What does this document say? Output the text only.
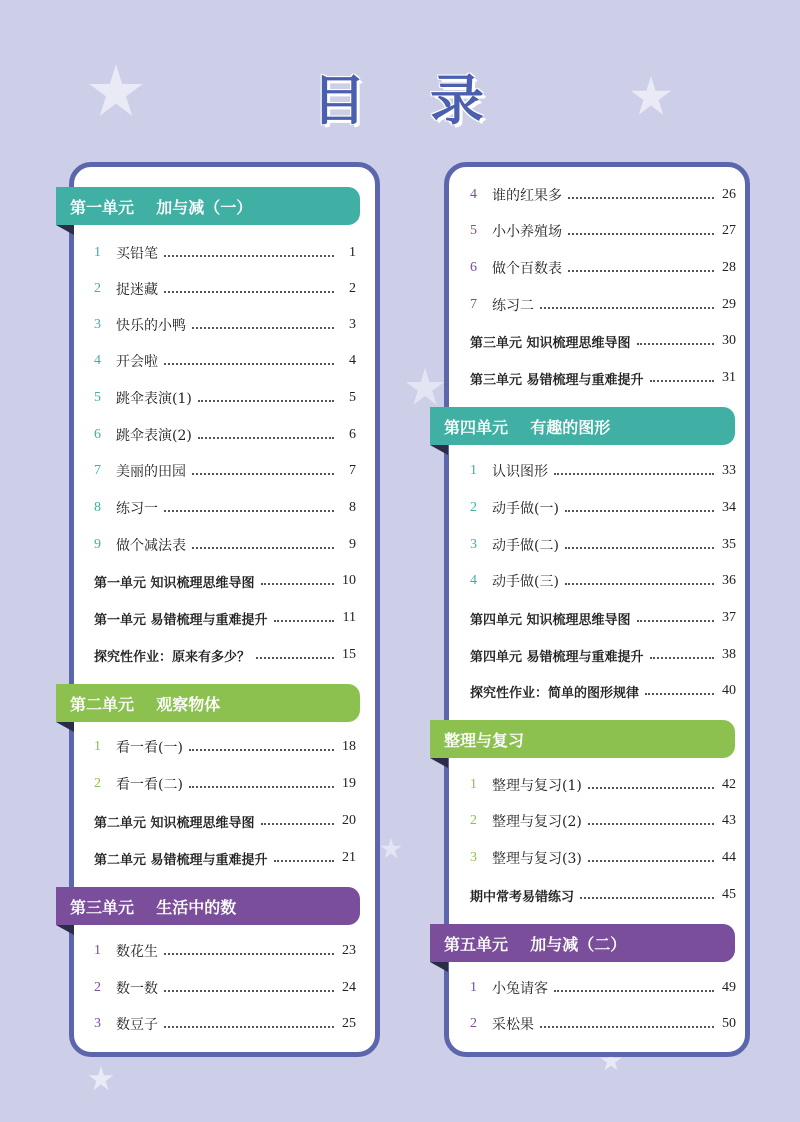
目 录
第一单元    加与减（一）
1	买铅笔	1
2	捉迷藏	2
3	快乐的小鸭	3
4	开会啦	4
5	跳伞表演(1)	5
6	跳伞表演(2)	6
7	美丽的田园	7
8	练习一	8
9	做个减法表	9
第一单元 知识梳理思维导图	10
第一单元 易错梳理与重难提升	11
探究性作业：原来有多少？	15
第二单元    观察物体
1	看一看(一)	18
2	看一看(二)	19
第二单元 知识梳理思维导图	20
第二单元 易错梳理与重难提升	21
第三单元    生活中的数
1	数花生	23
2	数一数	24
3	数豆子	25
4	谁的红果多	26
5	小小养殖场	27
6	做个百数表	28
7	练习二	29
第三单元 知识梳理思维导图	30
第三单元 易错梳理与重难提升	31
第四单元    有趣的图形
1	认识图形	33
2	动手做(一)	34
3	动手做(二)	35
4	动手做(三)	36
第四单元 知识梳理思维导图	37
第四单元 易错梳理与重难提升	38
探究性作业：简单的图形规律	40
整理与复习
1	整理与复习(1)	42
2	整理与复习(2)	43
3	整理与复习(3)	44
期中常考易错练习	45
第五单元    加与减（二）
1	小兔请客	49
2	采松果	50
